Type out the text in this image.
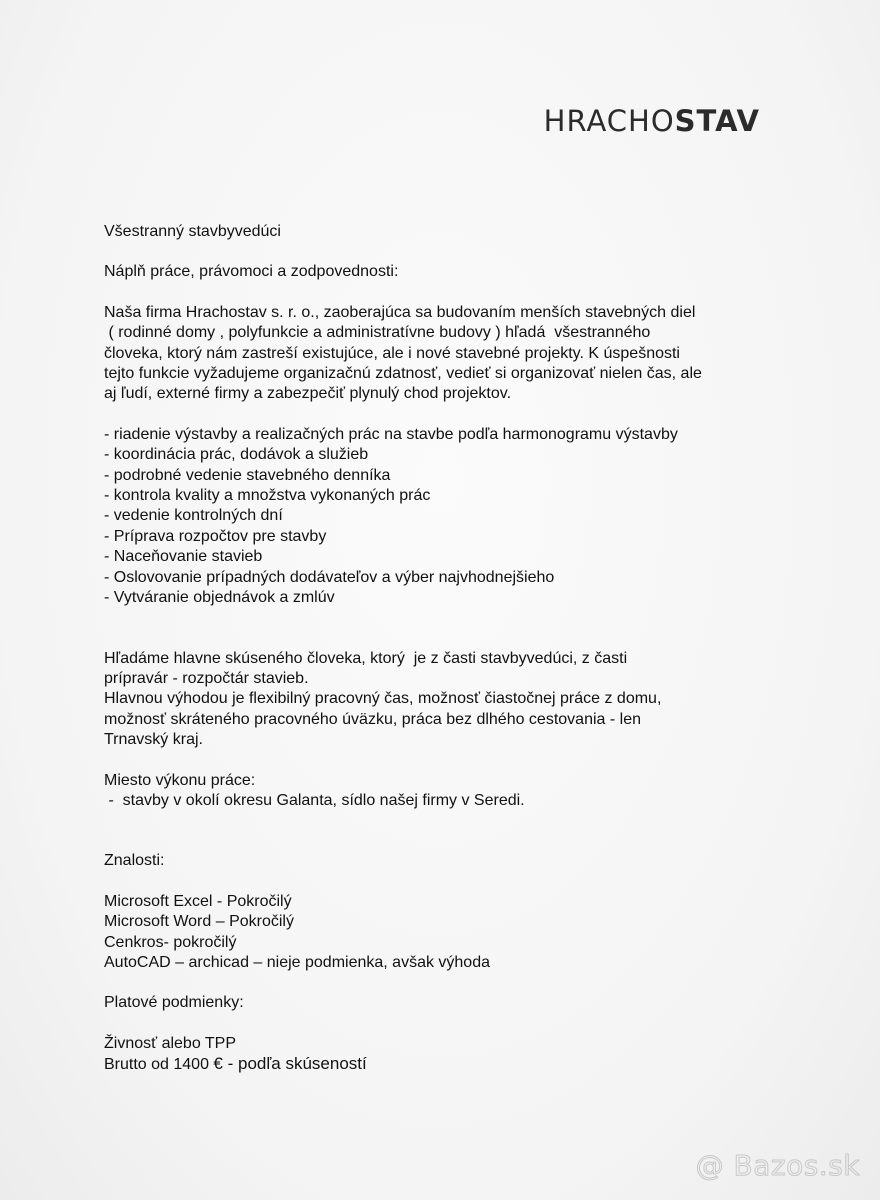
HRACHOSTAV
Všestranný stavbyvedúci
Náplň práce, právomoci a zodpovednosti:
Naša firma Hrachostav s. r. o., zaoberajúca sa budovaním menších stavebných diel
( rodinné domy , polyfunkcie a administratívne budovy ) hľadá  všestranného
človeka, ktorý nám zastreší existujúce, ale i nové stavebné projekty. K úspešnosti
tejto funkcie vyžadujeme organizačnú zdatnosť, vedieť si organizovať nielen čas, ale
aj ľudí, externé firmy a zabezpečiť plynulý chod projektov.
- riadenie výstavby a realizačných prác na stavbe podľa harmonogramu výstavby
- koordinácia prác, dodávok a služieb
- podrobné vedenie stavebného denníka
- kontrola kvality a množstva vykonaných prác
- vedenie kontrolných dní
- Príprava rozpočtov pre stavby
- Naceňovanie stavieb
- Oslovovanie prípadných dodávateľov a výber najvhodnejšieho
- Vytváranie objednávok a zmlúv
Hľadáme hlavne skúseného človeka, ktorý  je z časti stavbyvedúci, z časti
prípravár - rozpočtár stavieb.
Hlavnou výhodou je flexibilný pracovný čas, možnosť čiastočnej práce z domu,
možnosť skráteného pracovného úväzku, práca bez dlhého cestovania - len
Trnavský kraj.
Miesto výkonu práce:
-  stavby v okolí okresu Galanta, sídlo našej firmy v Seredi.
Znalosti:
Microsoft Excel - Pokročilý
Microsoft Word – Pokročilý
Cenkros- pokročilý
AutoCAD – archicad – nieje podmienka, avšak výhoda
Platové podmienky:
Živnosť alebo TPP
Brutto od 1400 € - podľa skúseností
@ Bazos.sk
